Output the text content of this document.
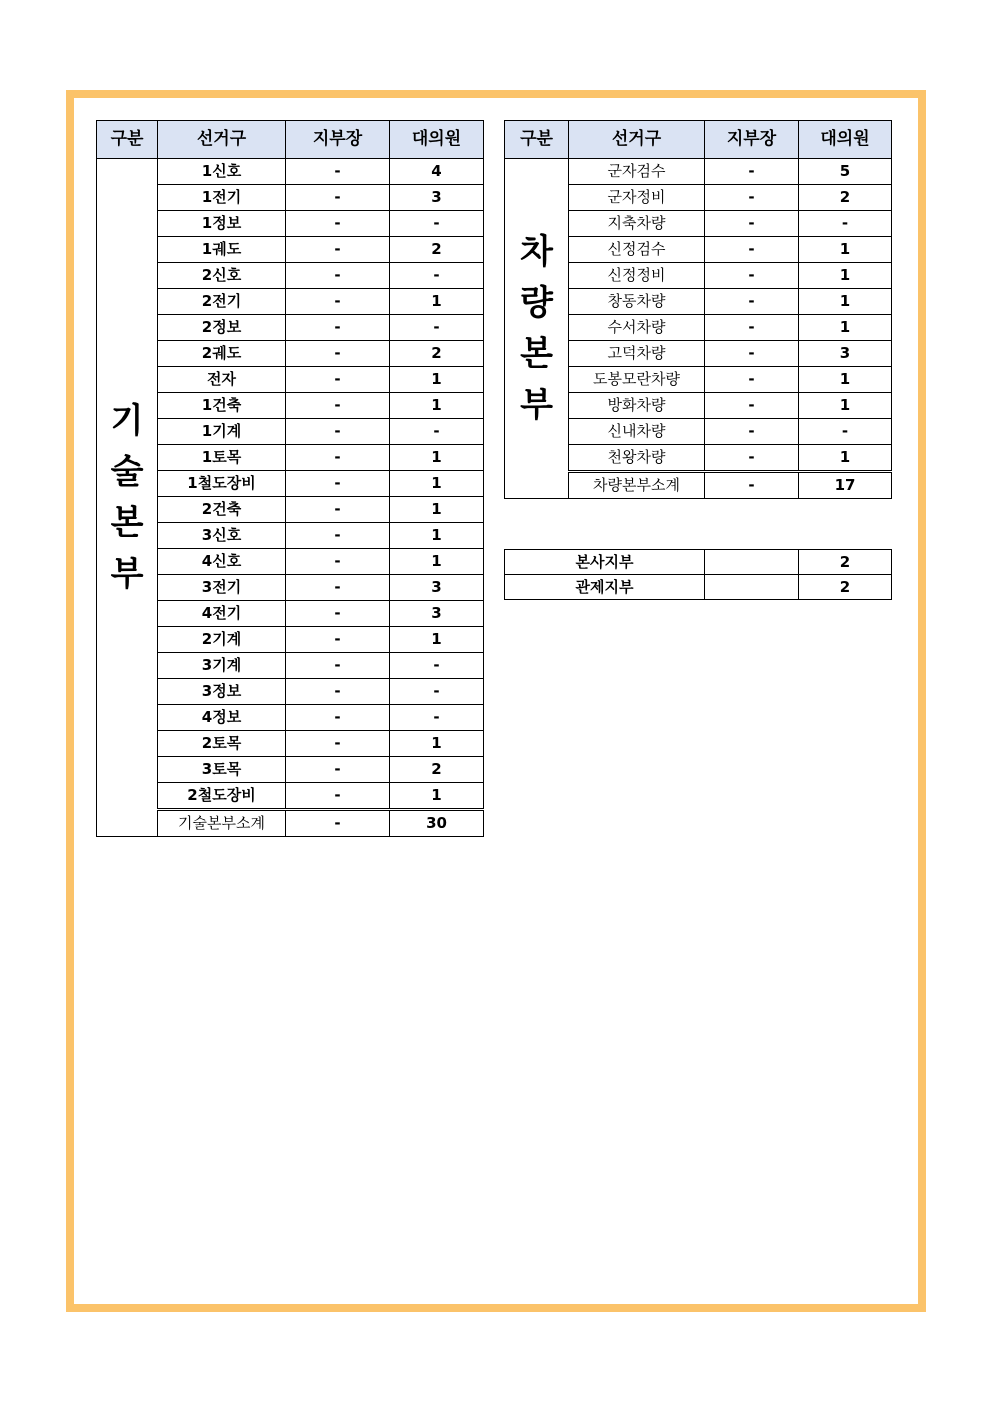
구분	선거구	지부장	대의원

기
술
본
부	1신호	-	4
	1전기	-	3
	1정보	-	-
	1궤도	-	2
	2신호	-	-
	2전기	-	1
	2정보	-	-
	2궤도	-	2
	전자	-	1
	1건축	-	1
	1기계	-	-
	1토목	-	1
	1철도장비	-	1
	2건축	-	1
	3신호	-	1
	4신호	-	1
	3전기	-	3
	4전기	-	3
	2기계	-	1
	3기계	-	-
	3정보	-	-
	4정보	-	-
	2토목	-	1
	3토목	-	2
	2철도장비	-	1
	기술본부소계	-	30
구분	선거구	지부장	대의원

차
량
본
부	군자검수	-	5
	군자정비	-	2
	지축차량	-	-
	신정검수	-	1
	신정정비	-	1
	창동차량	-	1
	수서차량	-	1
	고덕차량	-	3
	도봉모란차량	-	1
	방화차량	-	1
	신내차량	-	-
	천왕차량	-	1
	차량본부소계	-	17
본사지부		2
관제지부		2
